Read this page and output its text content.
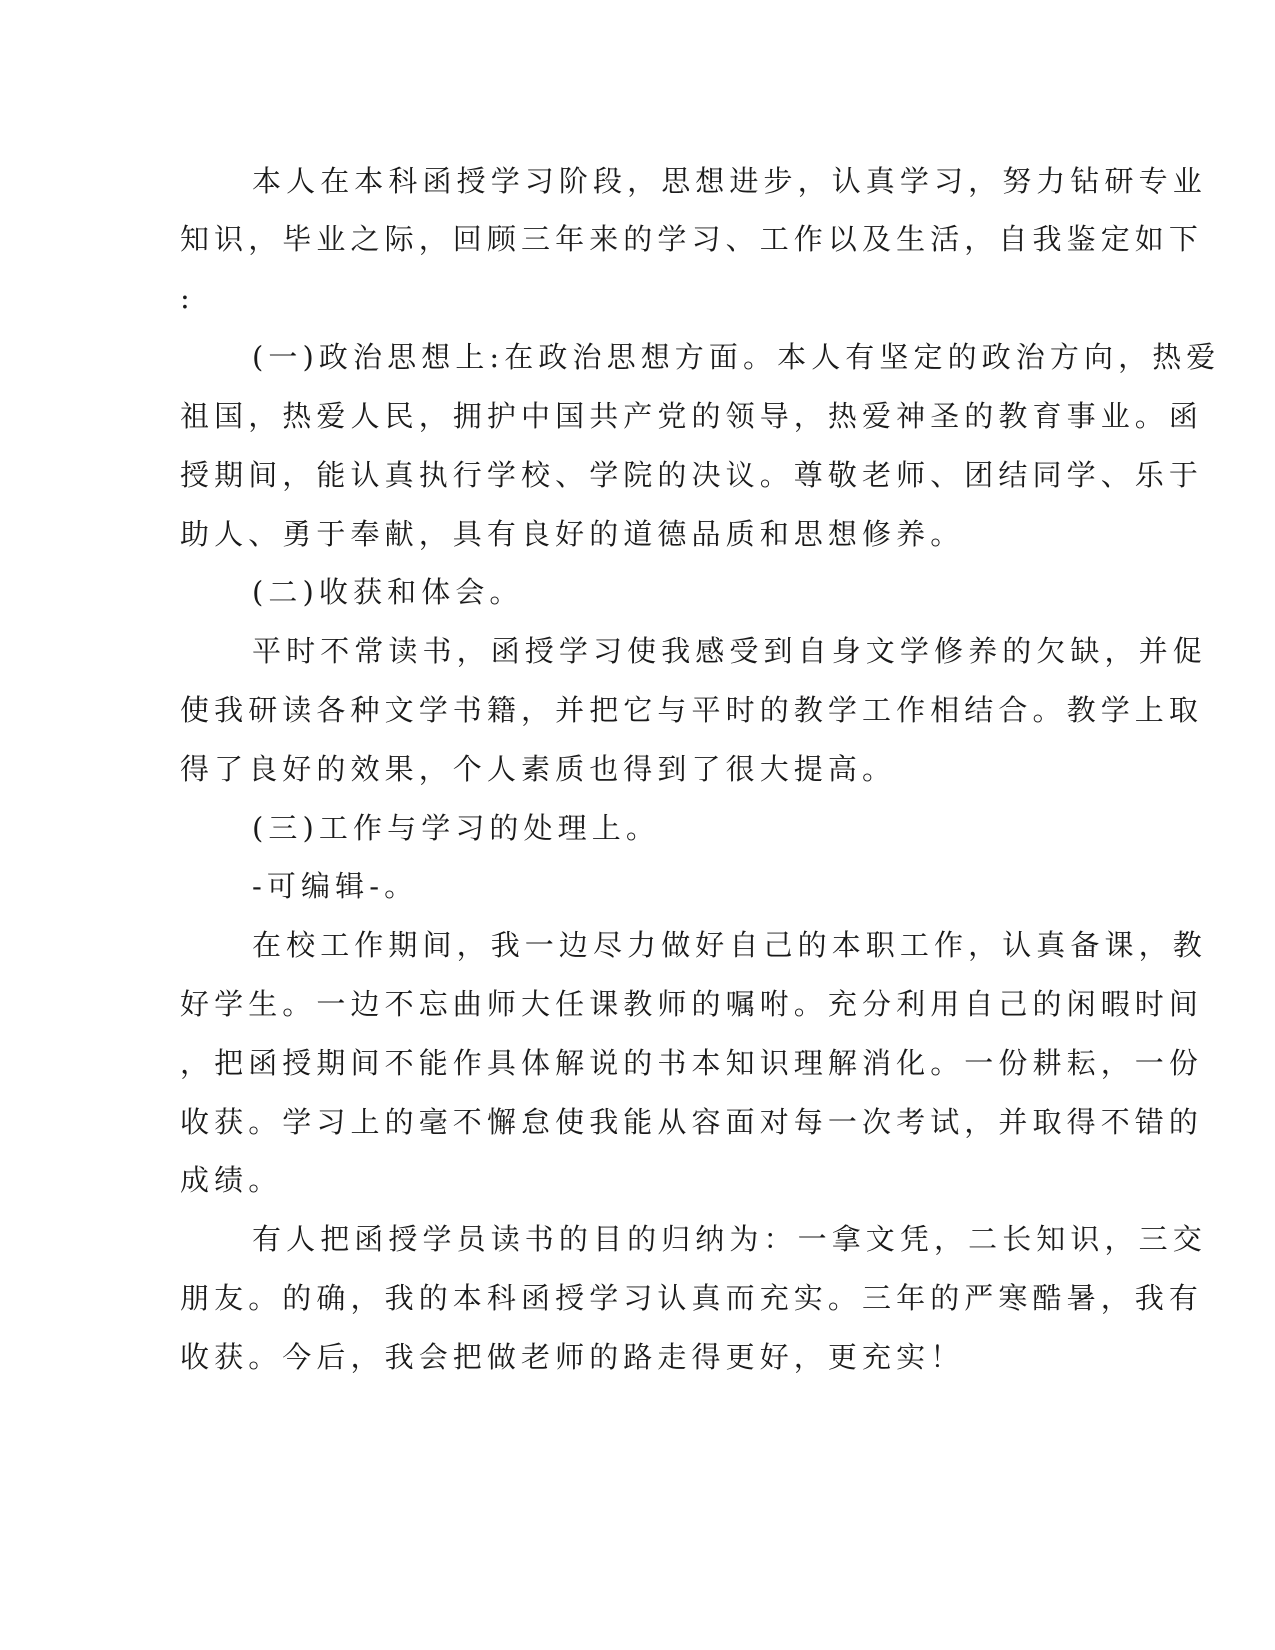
本人在本科函授学习阶段，思想进步，认真学习，努力钻研专业
知识，毕业之际，回顾三年来的学习、工作以及生活，自我鉴定如下
:
(一)政治思想上:在政治思想方面。本人有坚定的政治方向，热爱
祖国，热爱人民，拥护中国共产党的领导，热爱神圣的教育事业。函
授期间，能认真执行学校、学院的决议。尊敬老师、团结同学、乐于
助人、勇于奉献，具有良好的道德品质和思想修养。
(二)收获和体会。
平时不常读书，函授学习使我感受到自身文学修养的欠缺，并促
使我研读各种文学书籍，并把它与平时的教学工作相结合。教学上取
得了良好的效果，个人素质也得到了很大提高。
(三)工作与学习的处理上。
-可编辑-。
在校工作期间，我一边尽力做好自己的本职工作，认真备课，教
好学生。一边不忘曲师大任课教师的嘱咐。充分利用自己的闲暇时间
，把函授期间不能作具体解说的书本知识理解消化。一份耕耘，一份
收获。学习上的毫不懈怠使我能从容面对每一次考试，并取得不错的
成绩。
有人把函授学员读书的目的归纳为：一拿文凭，二长知识，三交
朋友。的确，我的本科函授学习认真而充实。三年的严寒酷暑，我有
收获。今后，我会把做老师的路走得更好，更充实！
